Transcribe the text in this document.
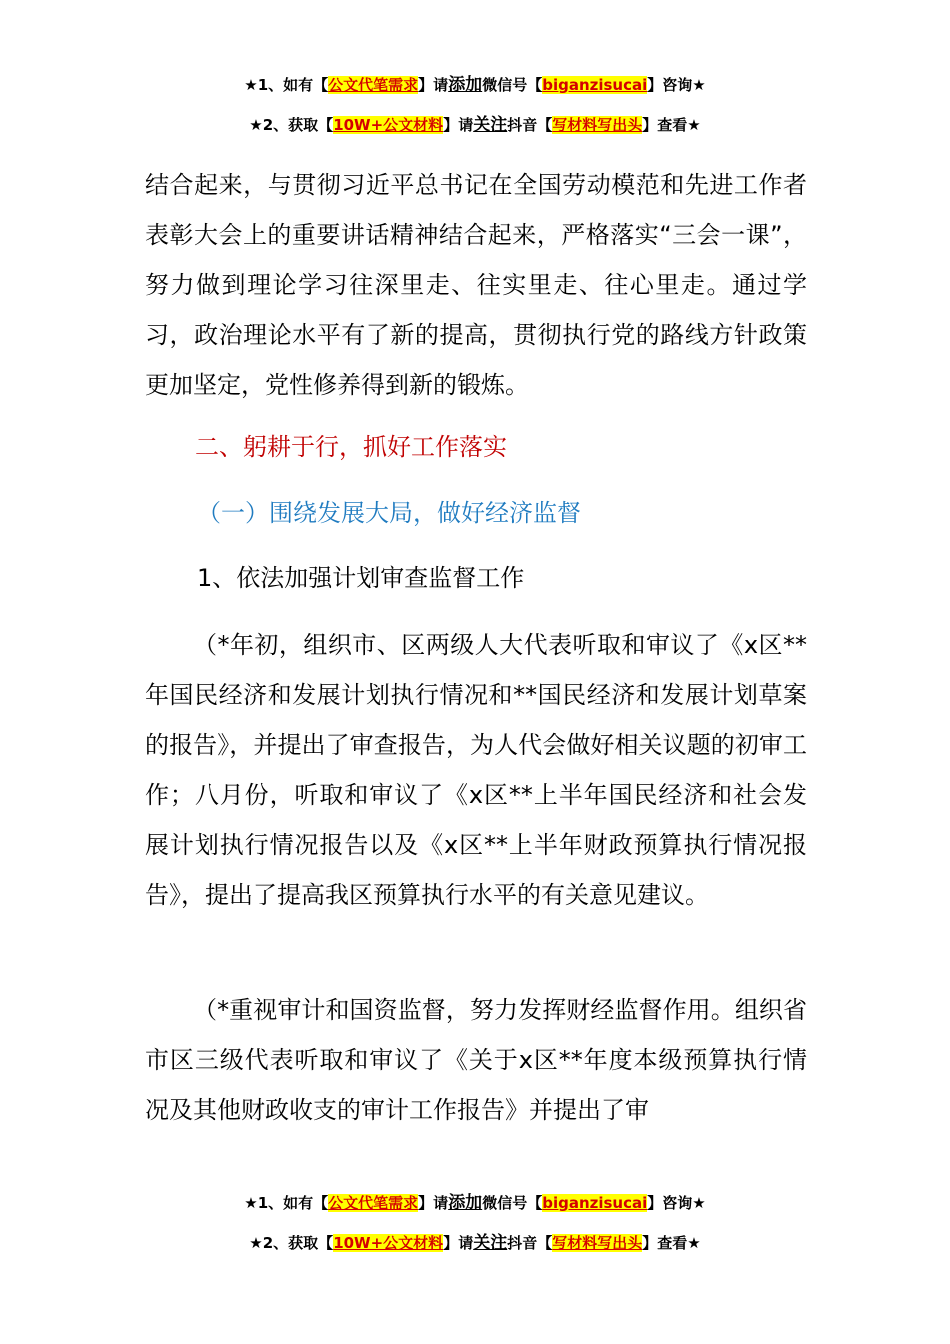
★1、如有【公文代笔需求】请添加微信号【biganzisucai】咨询★
★2、获取【10W+公文材料】请关注抖音【写材料写出头】查看★
结合起来，与贯彻习近平总书记在全国劳动模范和先进工作者表彰大会上的重要讲话精神结合起来，严格落实“三会一课”，努力做到理论学习往深里走、往实里走、往心里走。通过学习，政治理论水平有了新的提高，贯彻执行党的路线方针政策更加坚定，党性修养得到新的锻炼。
二、躬耕于行，抓好工作落实
（一）围绕发展大局，做好经济监督
1、依法加强计划审查监督工作
（*年初，组织市、区两级人大代表听取和审议了《x区**年国民经济和发展计划执行情况和**国民经济和发展计划草案的报告》，并提出了审查报告，为人代会做好相关议题的初审工作；八月份，听取和审议了《x区**上半年国民经济和社会发展计划执行情况报告以及《x区**上半年财政预算执行情况报告》，提出了提高我区预算执行水平的有关意见建议。
（*重视审计和国资监督，努力发挥财经监督作用。组织省市区三级代表听取和审议了《关于x区**年度本级预算执行情况及其他财政收支的审计工作报告》并提出了审
★1、如有【公文代笔需求】请添加微信号【biganzisucai】咨询★
★2、获取【10W+公文材料】请关注抖音【写材料写出头】查看★
